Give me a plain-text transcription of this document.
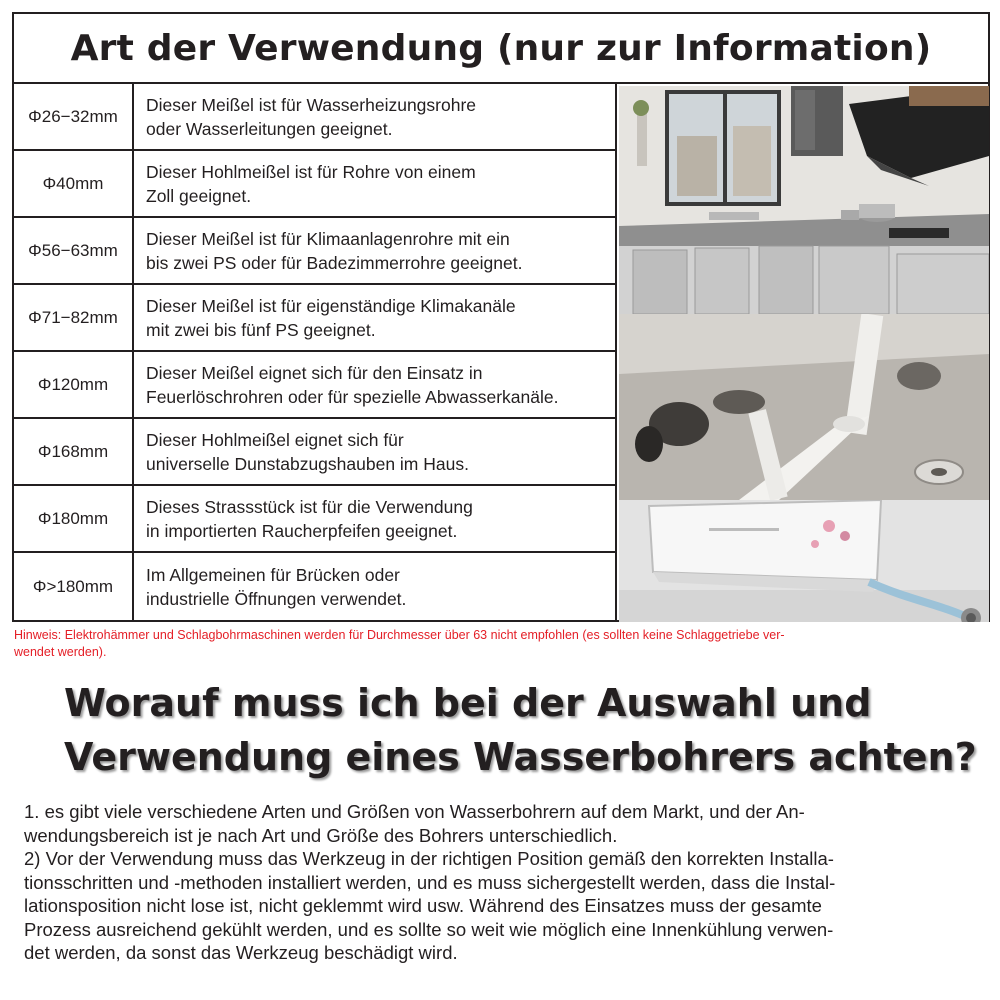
Art der Verwendung (nur zur Information)
Φ26−32mm
Dieser Meißel ist für Wasserheizungsrohre
oder Wasserleitungen geeignet.
Φ40mm
Dieser Hohlmeißel ist für Rohre von einem
Zoll geeignet.
Φ56−63mm
Dieser Meißel ist für Klimaanlagenrohre mit ein
bis zwei PS oder für Badezimmerrohre geeignet.
Φ71−82mm
Dieser Meißel ist für eigenständige Klimakanäle
mit zwei bis fünf PS geeignet.
Φ120mm
Dieser Meißel eignet sich für den Einsatz in
Feuerlöschrohren oder für spezielle Abwasserkanäle.
Φ168mm
Dieser Hohlmeißel eignet sich für
universelle Dunstabzugshauben im Haus.
Φ180mm
Dieses Strassstück ist für die Verwendung
in importierten Raucherpfeifen geeignet.
Φ>180mm
Im Allgemeinen für Brücken oder
industrielle Öffnungen verwendet.
Hinweis: Elektrohämmer und Schlagbohrmaschinen werden für Durchmesser über 63 nicht empfohlen (es sollten keine Schlaggetriebe ver-
wendet werden).
Worauf muss ich bei der Auswahl und
Verwendung eines Wasserbohrers achten?
1. es gibt viele verschiedene Arten und Größen von Wasserbohrern auf dem Markt, und der An-
wendungsbereich ist je nach Art und Größe des Bohrers unterschiedlich.
2) Vor der Verwendung muss das Werkzeug in der richtigen Position gemäß den korrekten Installa-
tionsschritten und -methoden installiert werden, und es muss sichergestellt werden, dass die Instal-
lationsposition nicht lose ist, nicht geklemmt wird usw. Während des Einsatzes muss der gesamte
Prozess ausreichend gekühlt werden, und es sollte so weit wie möglich eine Innenkühlung verwen-
det werden, da sonst das Werkzeug beschädigt wird.
